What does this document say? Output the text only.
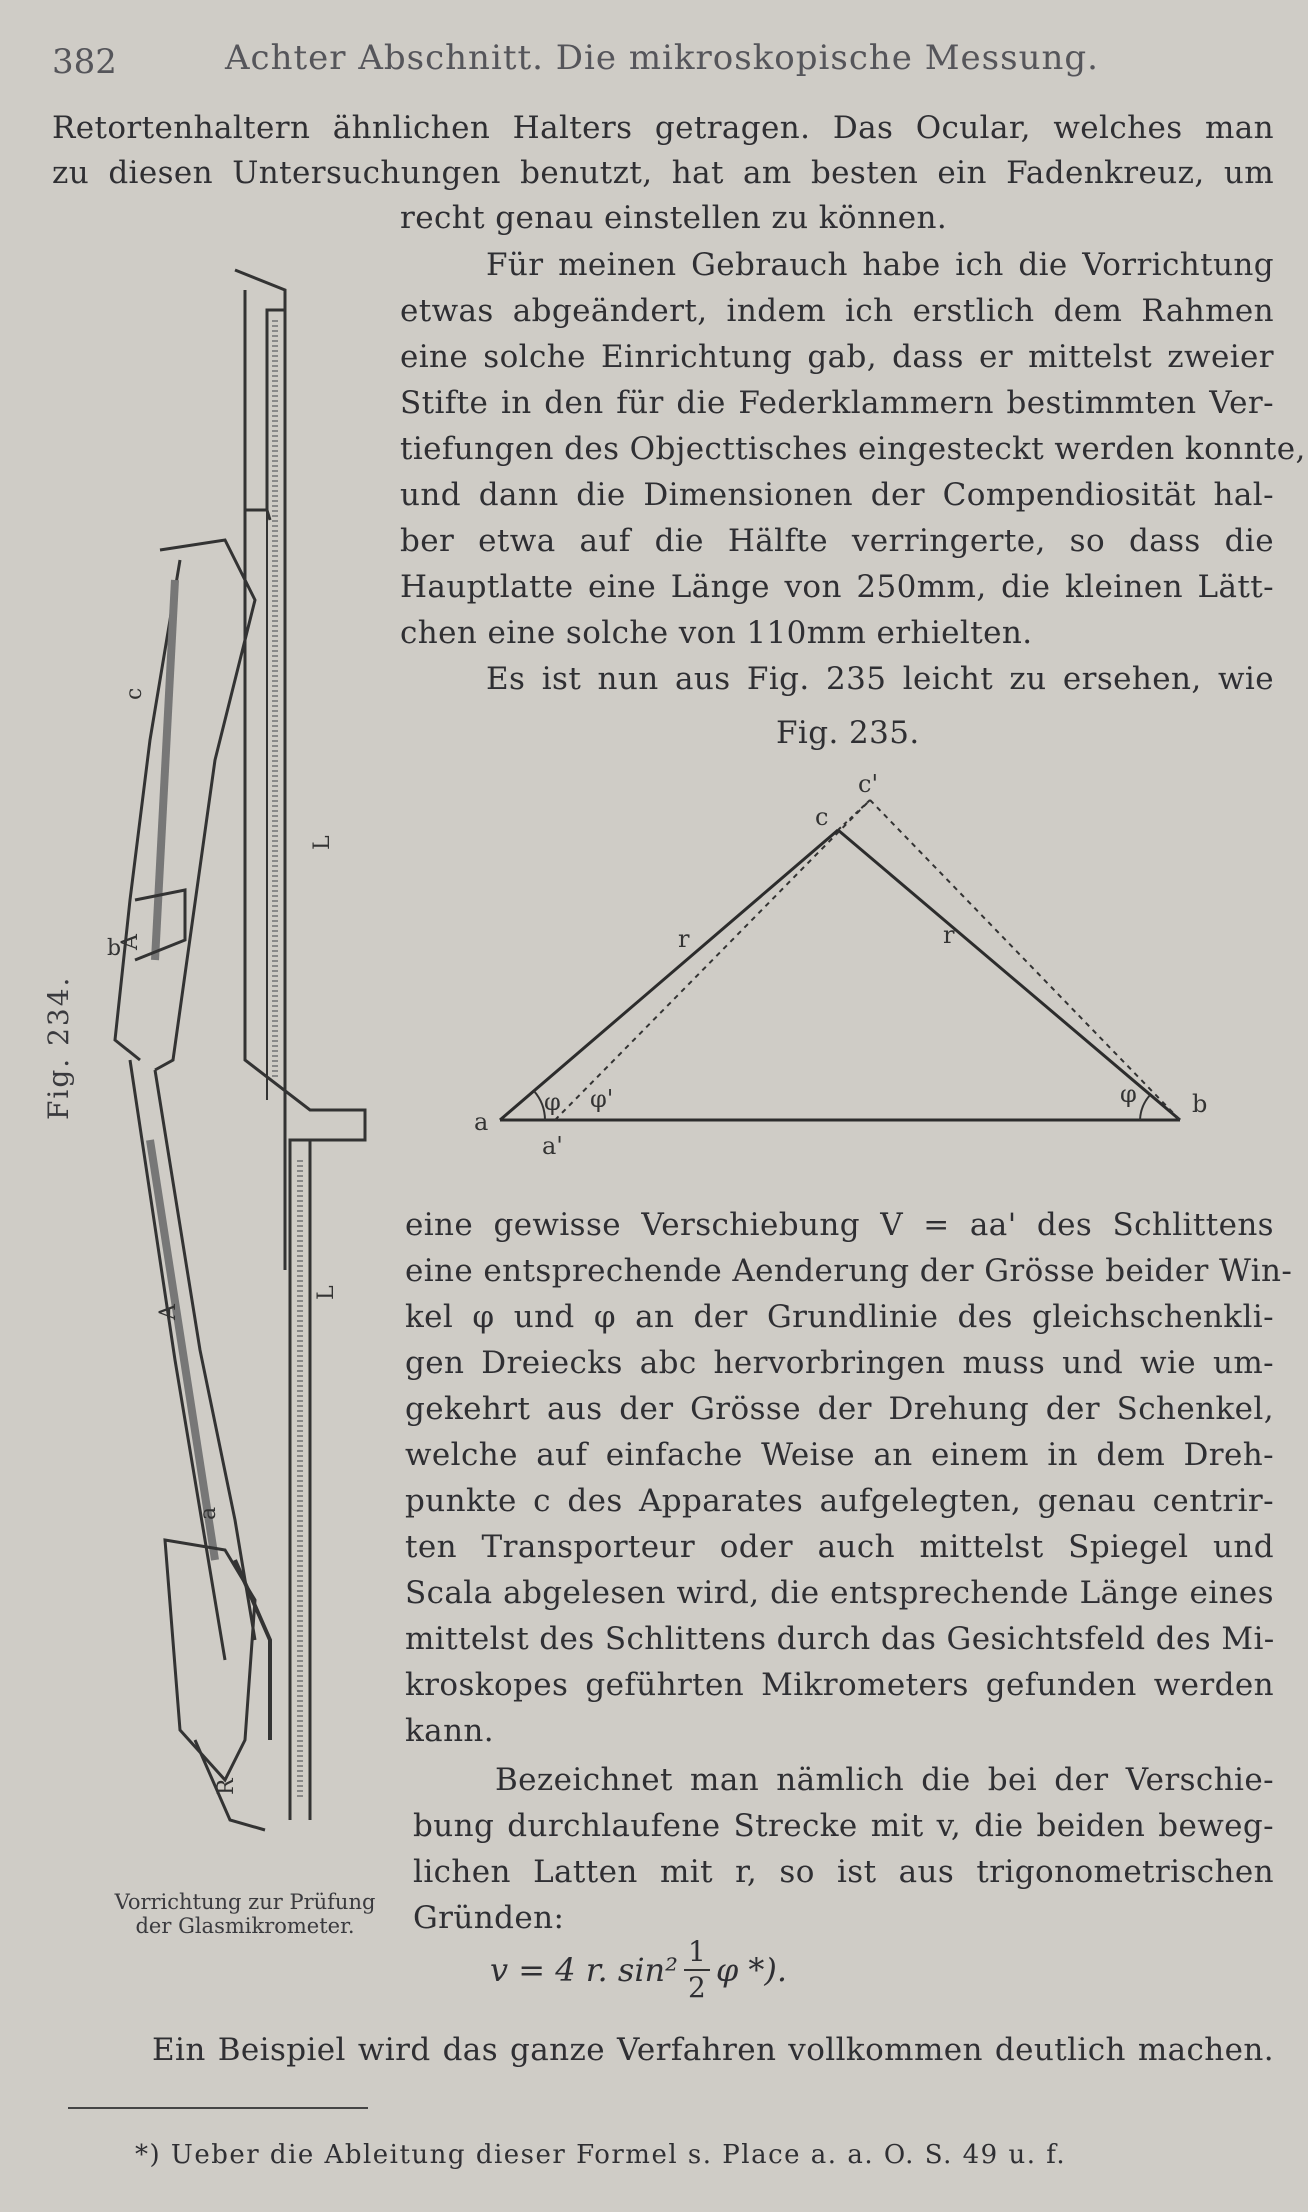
382	Achter Abschnitt. Die mikroskopische Messung.
Retortenhaltern ähnlichen Halters getragen. Das Ocular, welches man
zu diesen Untersuchungen benutzt, hat am besten ein Fadenkreuz, um
recht genau einstellen zu können.
Für meinen Gebrauch habe ich die Vorrichtung
etwas abgeändert, indem ich erstlich dem Rahmen
eine solche Einrichtung gab, dass er mittelst zweier
Stifte in den für die Federklammern bestimmten Ver-
tiefungen des Objecttisches eingesteckt werden konnte,
und dann die Dimensionen der Compendiosität hal-
ber etwa auf die Hälfte verringerte, so dass die
Hauptlatte eine Länge von 250mm, die kleinen Lätt-
chen eine solche von 110mm erhielten.
Es ist nun aus Fig. 235 leicht zu ersehen, wie
Fig. 235.
a
a'
b
c
c'
r	r
φ φ'	φ
Fig. 234.
c
A
L
b
A
L
a
R
Vorrichtung zur Prüfung
der Glasmikrometer.
eine gewisse Verschiebung V = aa' des Schlittens
eine entsprechende Aenderung der Grösse beider Win-
kel φ und φ an der Grundlinie des gleichschenkli-
gen Dreiecks abc hervorbringen muss und wie um-
gekehrt aus der Grösse der Drehung der Schenkel,
welche auf einfache Weise an einem in dem Dreh-
punkte c des Apparates aufgelegten, genau centrir-
ten Transporteur oder auch mittelst Spiegel und
Scala abgelesen wird, die entsprechende Länge eines
mittelst des Schlittens durch das Gesichtsfeld des Mi-
kroskopes geführten Mikrometers gefunden werden
kann.
Bezeichnet man nämlich die bei der Verschie-
bung durchlaufene Strecke mit v, die beiden beweg-
lichen Latten mit r, so ist aus trigonometrischen
Gründen:
v = 4 r. $\sin^2 \frac{1}{2}$ φ *).
Ein Beispiel wird das ganze Verfahren vollkommen deutlich machen.
*) Ueber die Ableitung dieser Formel s. Place a. a. O. S. 49 u. f.
